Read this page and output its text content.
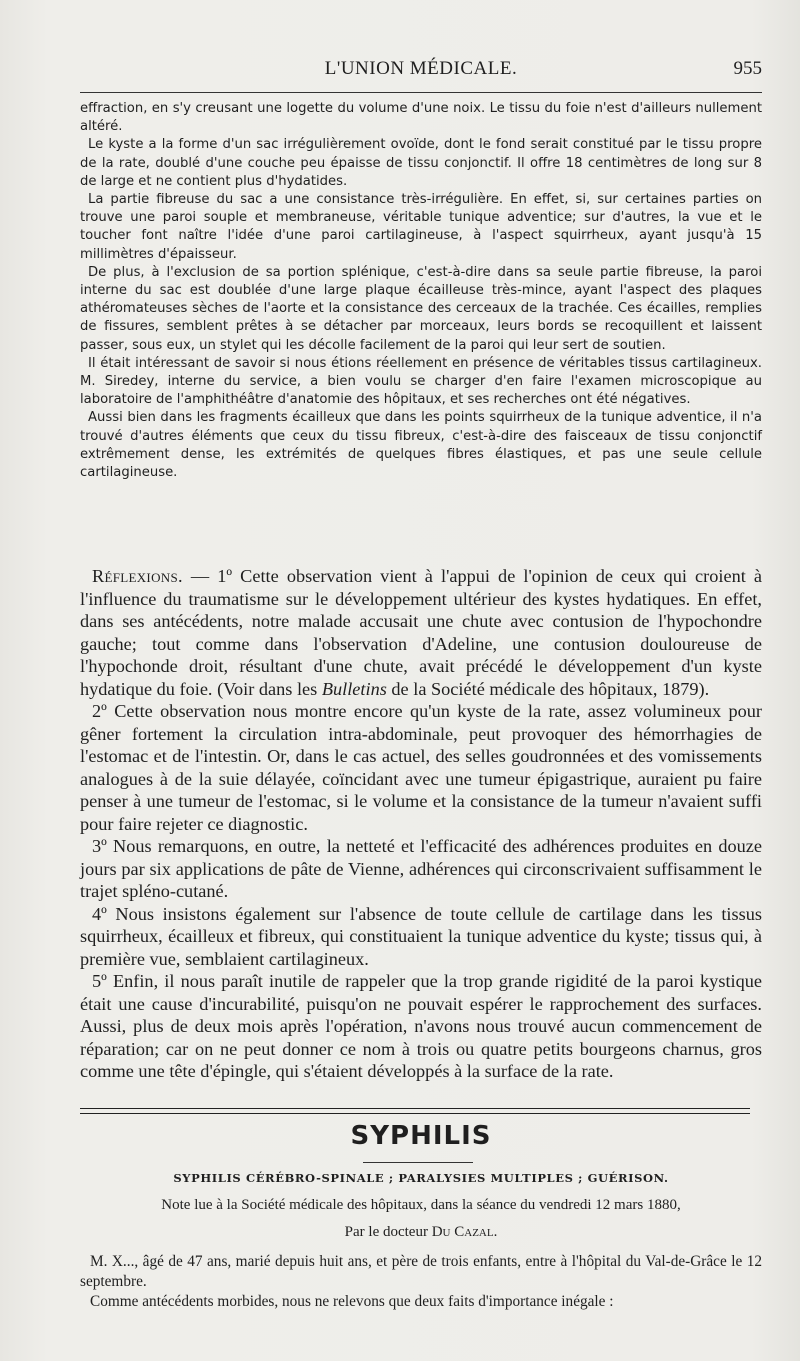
L'UNION MÉDICALE.	955

effraction, en s'y creusant une logette du volume d'une noix. Le tissu du foie n'est d'ailleurs nullement altéré.

Le kyste a la forme d'un sac irrégulièrement ovoïde, dont le fond serait constitué par le tissu propre de la rate, doublé d'une couche peu épaisse de tissu conjonctif. Il offre 18 centimètres de long sur 8 de large et ne contient plus d'hydatides.

La partie fibreuse du sac a une consistance très-irrégulière. En effet, si, sur certaines parties on trouve une paroi souple et membraneuse, véritable tunique adventice; sur d'autres, la vue et le toucher font naître l'idée d'une paroi cartilagineuse, à l'aspect squirrheux, ayant jusqu'à 15 millimètres d'épaisseur.

De plus, à l'exclusion de sa portion splénique, c'est-à-dire dans sa seule partie fibreuse, la paroi interne du sac est doublée d'une large plaque écailleuse très-mince, ayant l'aspect des plaques athéromateuses sèches de l'aorte et la consistance des cerceaux de la trachée. Ces écailles, remplies de fissures, semblent prêtes à se détacher par morceaux, leurs bords se recoquillent et laissent passer, sous eux, un stylet qui les décolle facilement de la paroi qui leur sert de soutien.

Il était intéressant de savoir si nous étions réellement en présence de véritables tissus cartilagineux. M. Siredey, interne du service, a bien voulu se charger d'en faire l'examen microscopique au laboratoire de l'amphithéâtre d'anatomie des hôpitaux, et ses recherches ont été négatives.

Aussi bien dans les fragments écailleux que dans les points squirrheux de la tunique adventice, il n'a trouvé d'autres éléments que ceux du tissu fibreux, c'est-à-dire des faisceaux de tissu conjonctif extrêmement dense, les extrémités de quelques fibres élastiques, et pas une seule cellule cartilagineuse.

Réflexions. — 1º Cette observation vient à l'appui de l'opinion de ceux qui croient à l'influence du traumatisme sur le développement ultérieur des kystes hydatiques. En effet, dans ses antécédents, notre malade accusait une chute avec contusion de l'hypochondre gauche; tout comme dans l'observation d'Adeline, une contusion douloureuse de l'hypochonde droit, résultant d'une chute, avait précédé le développement d'un kyste hydatique du foie. (Voir dans les Bulletins de la Société médicale des hôpitaux, 1879).

2º Cette observation nous montre encore qu'un kyste de la rate, assez volumineux pour gêner fortement la circulation intra-abdominale, peut provoquer des hémorrhagies de l'estomac et de l'intestin. Or, dans le cas actuel, des selles goudronnées et des vomissements analogues à de la suie délayée, coïncidant avec une tumeur épigastrique, auraient pu faire penser à une tumeur de l'estomac, si le volume et la consistance de la tumeur n'avaient suffi pour faire rejeter ce diagnostic.

3º Nous remarquons, en outre, la netteté et l'efficacité des adhérences produites en douze jours par six applications de pâte de Vienne, adhérences qui circonscrivaient suffisamment le trajet spléno-cutané.

4º Nous insistons également sur l'absence de toute cellule de cartilage dans les tissus squirrheux, écailleux et fibreux, qui constituaient la tunique adventice du kyste; tissus qui, à première vue, semblaient cartilagineux.

5º Enfin, il nous paraît inutile de rappeler que la trop grande rigidité de la paroi kystique était une cause d'incurabilité, puisqu'on ne pouvait espérer le rapprochement des surfaces. Aussi, plus de deux mois après l'opération, n'avons nous trouvé aucun commencement de réparation; car on ne peut donner ce nom à trois ou quatre petits bourgeons charnus, gros comme une tête d'épingle, qui s'étaient développés à la surface de la rate.

SYPHILIS
SYPHILIS CÉRÉBRO-SPINALE ; PARALYSIES MULTIPLES ; GUÉRISON.
Note lue à la Société médicale des hôpitaux, dans la séance du vendredi 12 mars 1880,
Par le docteur Du Cazal.

M. X..., âgé de 47 ans, marié depuis huit ans, et père de trois enfants, entre à l'hôpital du Val-de-Grâce le 12 septembre.

Comme antécédents morbides, nous ne relevons que deux faits d'importance inégale :
